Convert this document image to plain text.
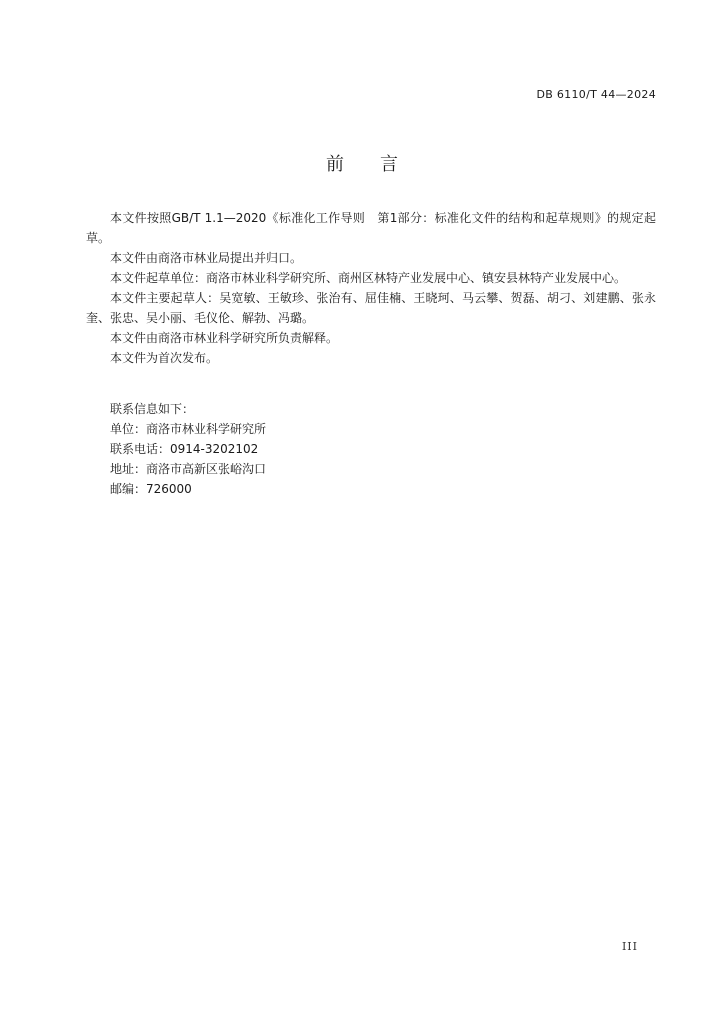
DB 6110/T 44—2024
前 言

本文件按照GB/T 1.1—2020《标准化工作导则　第1部分：标准化文件的结构和起草规则》的规定起草。

本文件由商洛市林业局提出并归口。

本文件起草单位：商洛市林业科学研究所、商州区林特产业发展中心、镇安县林特产业发展中心。

本文件主要起草人：吴宽敏、王敏珍、张治有、屈佳楠、王晓珂、马云攀、贺磊、胡刁、刘建鹏、张永奎、张忠、吴小丽、毛仪伦、解勃、冯璐。

本文件由商洛市林业科学研究所负责解释。

本文件为首次发布。

联系信息如下：
单位：商洛市林业科学研究所
联系电话：0914-3202102
地址：商洛市高新区张峪沟口
邮编：726000
III
